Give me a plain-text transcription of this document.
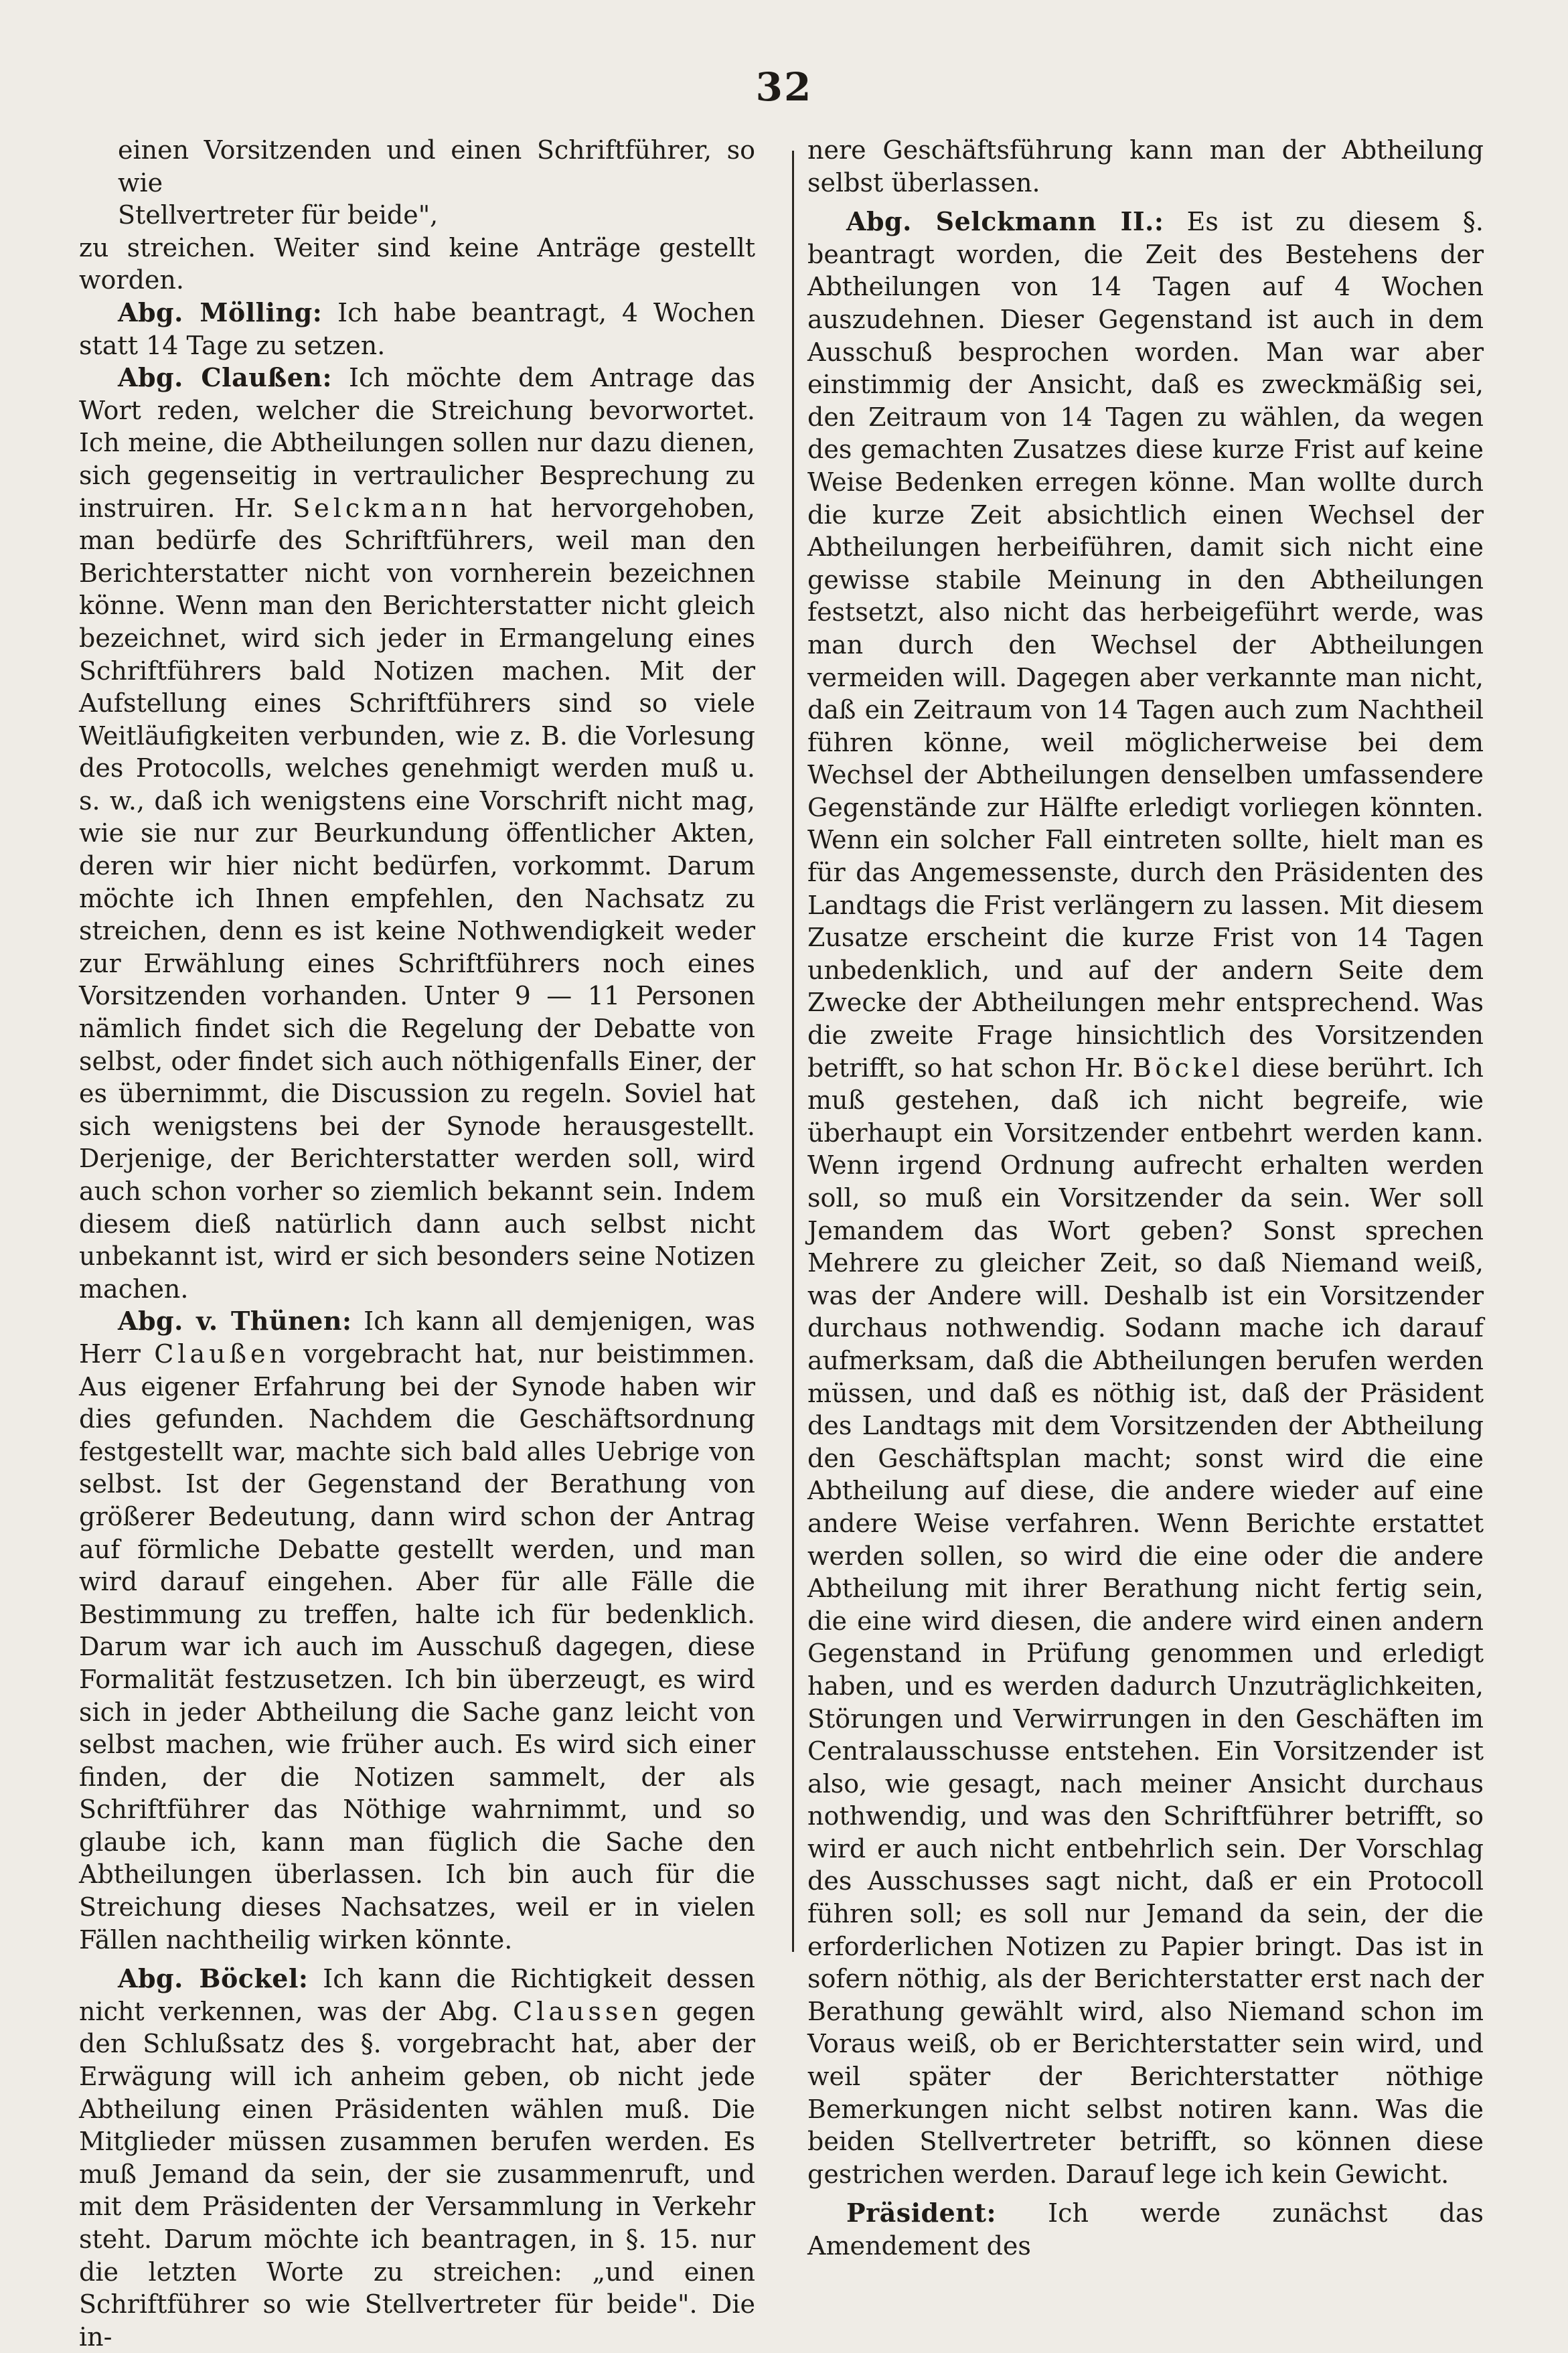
32

einen Vorsitzenden und einen Schriftführer, so wie
Stellvertreter für beide",

zu streichen. Weiter sind keine Anträge gestellt worden.

Abg. Mölling: Ich habe beantragt, 4 Wochen statt 14 Tage zu setzen.

Abg. Claußen: Ich möchte dem Antrage das Wort reden, welcher die Streichung bevorwortet. Ich meine, die Abtheilungen sollen nur dazu dienen, sich gegenseitig in vertraulicher Besprechung zu instruiren. Hr. Selckmann hat hervorgehoben, man bedürfe des Schriftführers, weil man den Berichterstatter nicht von vornherein bezeichnen könne. Wenn man den Berichterstatter nicht gleich bezeichnet, wird sich jeder in Ermangelung eines Schriftführers bald Notizen machen. Mit der Aufstellung eines Schriftführers sind so viele Weitläufigkeiten verbunden, wie z. B. die Vorlesung des Protocolls, welches genehmigt werden muß u. s. w., daß ich wenigstens eine Vorschrift nicht mag, wie sie nur zur Beurkundung öffentlicher Akten, deren wir hier nicht bedürfen, vorkommt. Darum möchte ich Ihnen empfehlen, den Nachsatz zu streichen, denn es ist keine Nothwendigkeit weder zur Erwählung eines Schriftführers noch eines Vorsitzenden vorhanden. Unter 9 — 11 Personen nämlich findet sich die Regelung der Debatte von selbst, oder findet sich auch nöthigenfalls Einer, der es übernimmt, die Discussion zu regeln. Soviel hat sich wenigstens bei der Synode herausgestellt. Derjenige, der Berichterstatter werden soll, wird auch schon vorher so ziemlich bekannt sein. Indem diesem dieß natürlich dann auch selbst nicht unbekannt ist, wird er sich besonders seine Notizen machen.

Abg. v. Thünen: Ich kann all demjenigen, was Herr Claußen vorgebracht hat, nur beistimmen. Aus eigener Erfahrung bei der Synode haben wir dies gefunden. Nachdem die Geschäftsordnung festgestellt war, machte sich bald alles Uebrige von selbst. Ist der Gegenstand der Berathung von größerer Bedeutung, dann wird schon der Antrag auf förmliche Debatte gestellt werden, und man wird darauf eingehen. Aber für alle Fälle die Bestimmung zu treffen, halte ich für bedenklich. Darum war ich auch im Ausschuß dagegen, diese Formalität festzusetzen. Ich bin überzeugt, es wird sich in jeder Abtheilung die Sache ganz leicht von selbst machen, wie früher auch. Es wird sich einer finden, der die Notizen sammelt, der als Schriftführer das Nöthige wahrnimmt, und so glaube ich, kann man füglich die Sache den Abtheilungen überlassen. Ich bin auch für die Streichung dieses Nachsatzes, weil er in vielen Fällen nachtheilig wirken könnte.

Abg. Böckel: Ich kann die Richtigkeit dessen nicht verkennen, was der Abg. Claussen gegen den Schlußsatz des §. vorgebracht hat, aber der Erwägung will ich anheim geben, ob nicht jede Abtheilung einen Präsidenten wählen muß. Die Mitglieder müssen zusammen berufen werden. Es muß Jemand da sein, der sie zusammenruft, und mit dem Präsidenten der Versammlung in Verkehr steht. Darum möchte ich beantragen, in §. 15. nur die letzten Worte zu streichen: „und einen Schriftführer so wie Stellvertreter für beide". Die in-

nere Geschäftsführung kann man der Abtheilung selbst überlassen.

Abg. Selckmann II.: Es ist zu diesem §. beantragt worden, die Zeit des Bestehens der Abtheilungen von 14 Tagen auf 4 Wochen auszudehnen. Dieser Gegenstand ist auch in dem Ausschuß besprochen worden. Man war aber einstimmig der Ansicht, daß es zweckmäßig sei, den Zeitraum von 14 Tagen zu wählen, da wegen des gemachten Zusatzes diese kurze Frist auf keine Weise Bedenken erregen könne. Man wollte durch die kurze Zeit absichtlich einen Wechsel der Abtheilungen herbeiführen, damit sich nicht eine gewisse stabile Meinung in den Abtheilungen festsetzt, also nicht das herbeigeführt werde, was man durch den Wechsel der Abtheilungen vermeiden will. Dagegen aber verkannte man nicht, daß ein Zeitraum von 14 Tagen auch zum Nachtheil führen könne, weil möglicherweise bei dem Wechsel der Abtheilungen denselben umfassendere Gegenstände zur Hälfte erledigt vorliegen könnten. Wenn ein solcher Fall eintreten sollte, hielt man es für das Angemessenste, durch den Präsidenten des Landtags die Frist verlängern zu lassen. Mit diesem Zusatze erscheint die kurze Frist von 14 Tagen unbedenklich, und auf der andern Seite dem Zwecke der Abtheilungen mehr entsprechend. Was die zweite Frage hinsichtlich des Vorsitzenden betrifft, so hat schon Hr. Böckel diese berührt. Ich muß gestehen, daß ich nicht begreife, wie überhaupt ein Vorsitzender entbehrt werden kann. Wenn irgend Ordnung aufrecht erhalten werden soll, so muß ein Vorsitzender da sein. Wer soll Jemandem das Wort geben? Sonst sprechen Mehrere zu gleicher Zeit, so daß Niemand weiß, was der Andere will. Deshalb ist ein Vorsitzender durchaus nothwendig. Sodann mache ich darauf aufmerksam, daß die Abtheilungen berufen werden müssen, und daß es nöthig ist, daß der Präsident des Landtags mit dem Vorsitzenden der Abtheilung den Geschäftsplan macht; sonst wird die eine Abtheilung auf diese, die andere wieder auf eine andere Weise verfahren. Wenn Berichte erstattet werden sollen, so wird die eine oder die andere Abtheilung mit ihrer Berathung nicht fertig sein, die eine wird diesen, die andere wird einen andern Gegenstand in Prüfung genommen und erledigt haben, und es werden dadurch Unzuträglichkeiten, Störungen und Verwirrungen in den Geschäften im Centralausschusse entstehen. Ein Vorsitzender ist also, wie gesagt, nach meiner Ansicht durchaus nothwendig, und was den Schriftführer betrifft, so wird er auch nicht entbehrlich sein. Der Vorschlag des Ausschusses sagt nicht, daß er ein Protocoll führen soll; es soll nur Jemand da sein, der die erforderlichen Notizen zu Papier bringt. Das ist in sofern nöthig, als der Berichterstatter erst nach der Berathung gewählt wird, also Niemand schon im Voraus weiß, ob er Berichterstatter sein wird, und weil später der Berichterstatter nöthige Bemerkungen nicht selbst notiren kann. Was die beiden Stellvertreter betrifft, so können diese gestrichen werden. Darauf lege ich kein Gewicht.

Präsident: Ich werde zunächst das Amendement des
